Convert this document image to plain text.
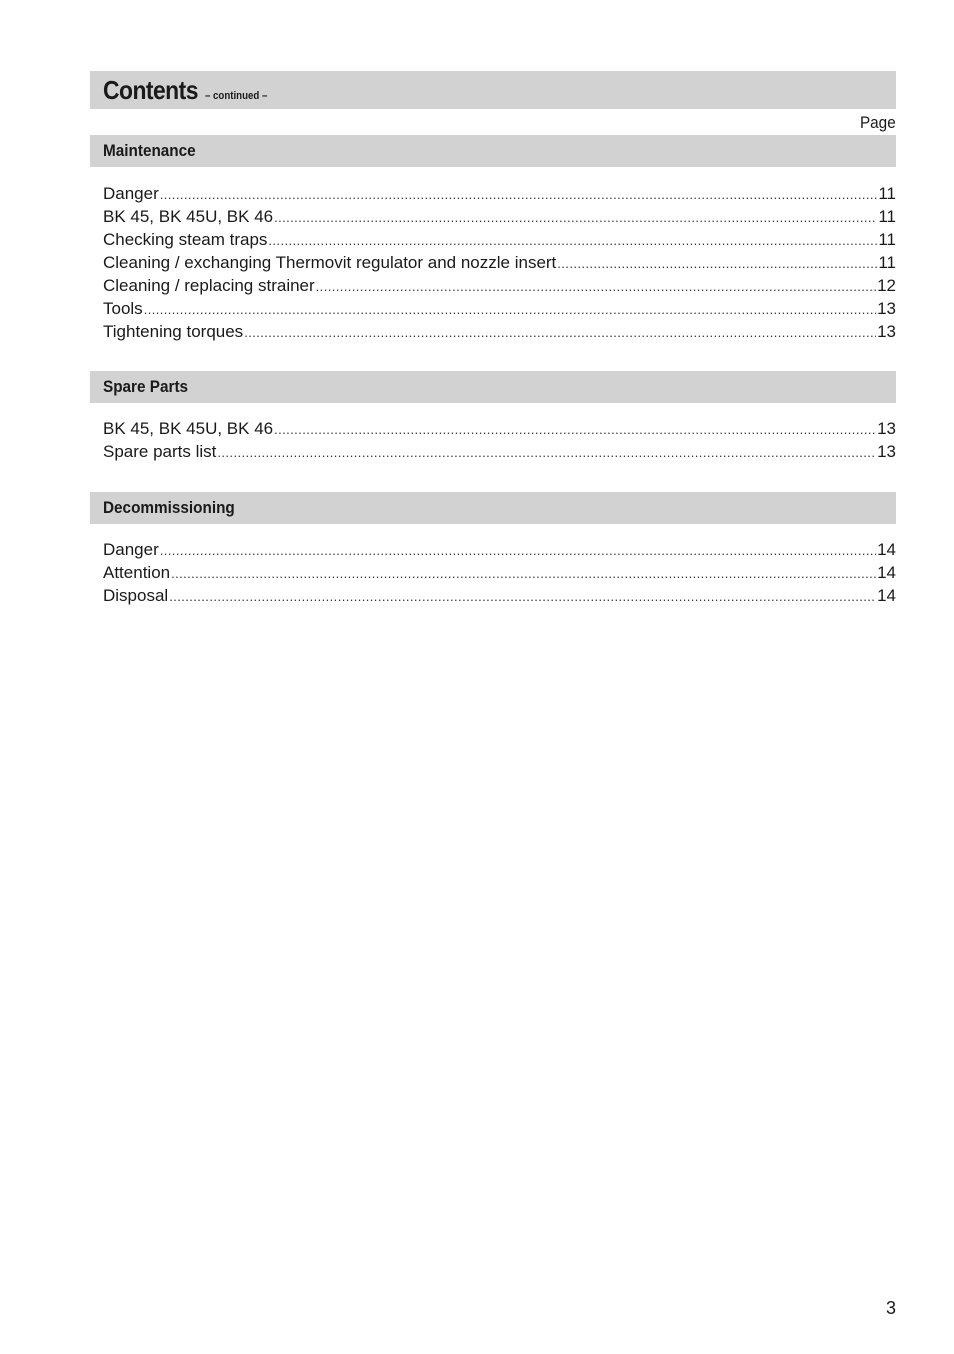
Contents – continued –
Page
Maintenance
Danger .....	11
BK 45, BK 45U, BK 46 .....	11
Checking steam traps .....	11
Cleaning / exchanging Thermovit regulator and nozzle insert .....	11
Cleaning / replacing strainer .....	12
Tools .....	13
Tightening torques .....	13
Spare Parts
BK 45, BK 45U, BK 46 .....	13
Spare parts list .....	13
Decommissioning
Danger .....	14
Attention .....	14
Disposal .....	14
3
